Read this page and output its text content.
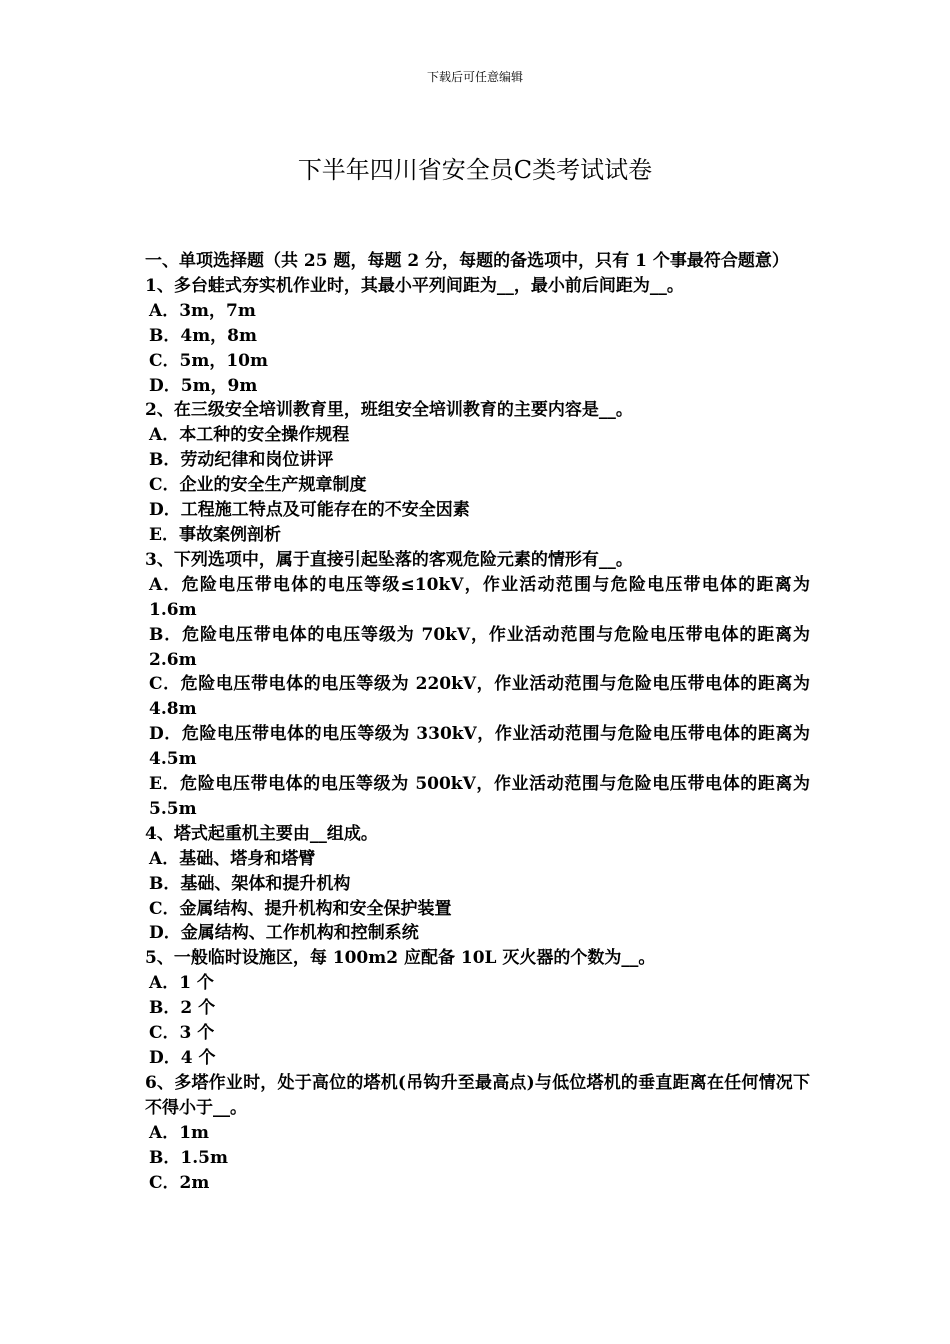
下载后可任意编辑
下半年四川省安全员C类考试试卷
一、单项选择题（共 25 题，每题 2 分，每题的备选项中，只有 1 个事最符合题意）
1、多台蛙式夯实机作业时，其最小平列间距为__，最小前后间距为__。
A．3m，7m
B．4m，8m
C．5m，10m
D．5m，9m
2、在三级安全培训教育里，班组安全培训教育的主要内容是__。
A．本工种的安全操作规程
B．劳动纪律和岗位讲评
C．企业的安全生产规章制度
D．工程施工特点及可能存在的不安全因素
E．事故案例剖析
3、下列选项中，属于直接引起坠落的客观危险元素的情形有__。
A．危险电压带电体的电压等级≤10kV，作业活动范围与危险电压带电体的距离为 1.6m
B．危险电压带电体的电压等级为 70kV，作业活动范围与危险电压带电体的距离为 2.6m
C．危险电压带电体的电压等级为 220kV，作业活动范围与危险电压带电体的距离为 4.8m
D．危险电压带电体的电压等级为 330kV，作业活动范围与危险电压带电体的距离为 4.5m
E．危险电压带电体的电压等级为 500kV，作业活动范围与危险电压带电体的距离为 5.5m
4、塔式起重机主要由__组成。
A．基础、塔身和塔臂
B．基础、架体和提升机构
C．金属结构、提升机构和安全保护装置
D．金属结构、工作机构和控制系统
5、一般临时设施区，每 100m2 应配备 10L 灭火器的个数为__。
A．1 个
B．2 个
C．3 个
D．4 个
6、多塔作业时，处于高位的塔机(吊钩升至最高点)与低位塔机的垂直距离在任何情况下不得小于__。
A．1m
B．1.5m
C．2m
